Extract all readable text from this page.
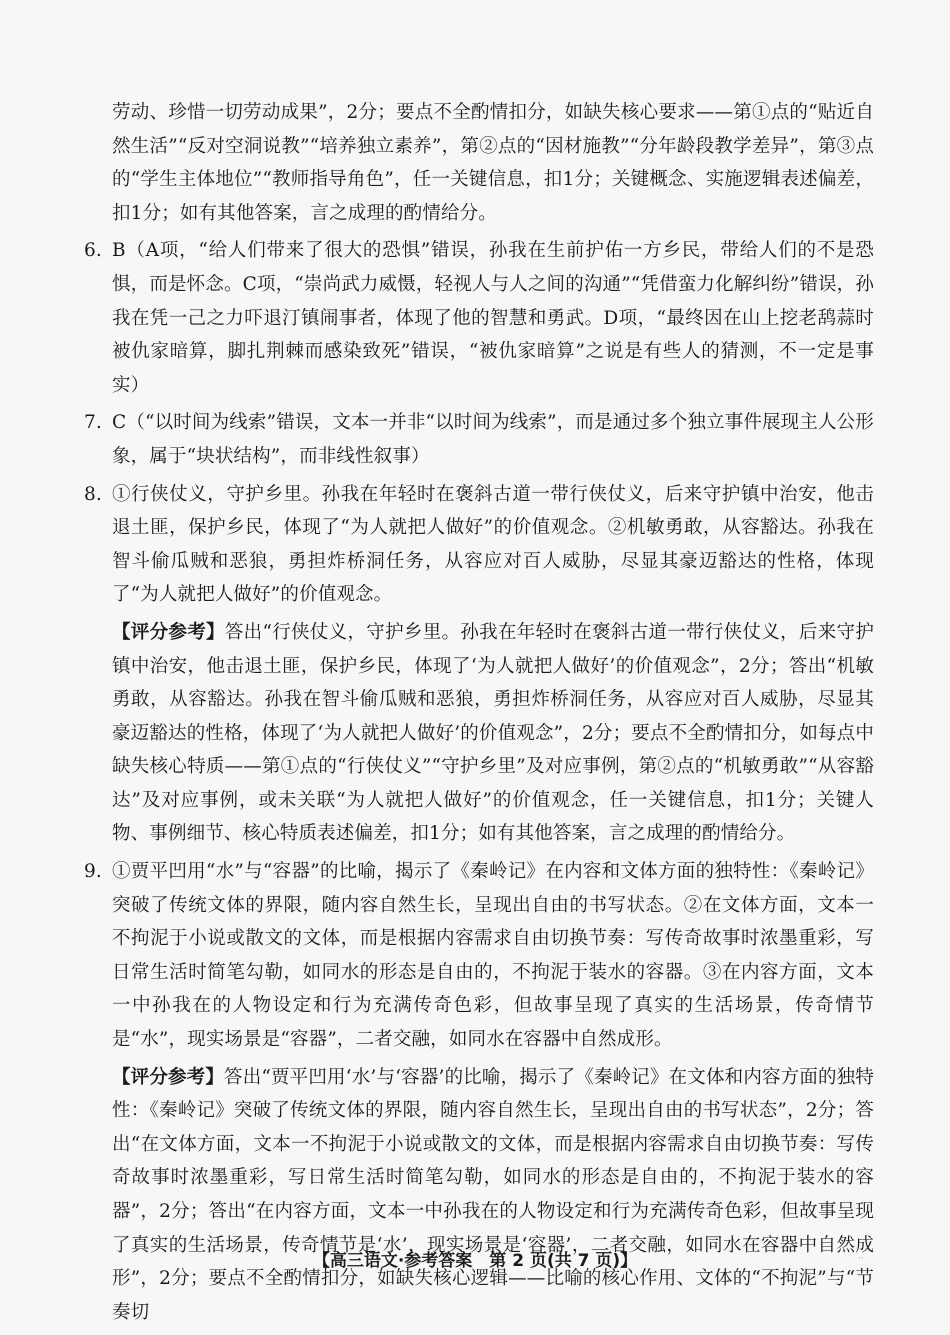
劳动、珍惜一切劳动成果”，2分；要点不全酌情扣分，如缺失核心要求——第①点的“贴近自然生活”“反对空洞说教”“培养独立素养”，第②点的“因材施教”“分年龄段教学差异”，第③点的“学生主体地位”“教师指导角色”，任一关键信息，扣1分；关键概念、实施逻辑表述偏差，扣1分；如有其他答案，言之成理的酌情给分。
6. B（A项，“给人们带来了很大的恐惧”错误，孙我在生前护佑一方乡民，带给人们的不是恐惧，而是怀念。C项，“崇尚武力威慑，轻视人与人之间的沟通”“凭借蛮力化解纠纷”错误，孙我在凭一己之力吓退汀镇闹事者，体现了他的智慧和勇武。D项，“最终因在山上挖老鸹蒜时被仇家暗算，脚扎荆棘而感染致死”错误，“被仇家暗算”之说是有些人的猜测，不一定是事实）
7. C（“以时间为线索”错误，文本一并非“以时间为线索”，而是通过多个独立事件展现主人公形象，属于“块状结构”，而非线性叙事）
8. ①行侠仗义，守护乡里。孙我在年轻时在褒斜古道一带行侠仗义，后来守护镇中治安，他击退土匪，保护乡民，体现了“为人就把人做好”的价值观念。②机敏勇敢，从容豁达。孙我在智斗偷瓜贼和恶狼，勇担炸桥洞任务，从容应对百人威胁，尽显其豪迈豁达的性格，体现了“为人就把人做好”的价值观念。
【评分参考】答出“行侠仗义，守护乡里。孙我在年轻时在褒斜古道一带行侠仗义，后来守护镇中治安，他击退土匪，保护乡民，体现了‘为人就把人做好’的价值观念”，2分；答出“机敏勇敢，从容豁达。孙我在智斗偷瓜贼和恶狼，勇担炸桥洞任务，从容应对百人威胁，尽显其豪迈豁达的性格，体现了‘为人就把人做好’的价值观念”，2分；要点不全酌情扣分，如每点中缺失核心特质——第①点的“行侠仗义”“守护乡里”及对应事例，第②点的“机敏勇敢”“从容豁达”及对应事例，或未关联“为人就把人做好”的价值观念，任一关键信息，扣1分；关键人物、事例细节、核心特质表述偏差，扣1分；如有其他答案，言之成理的酌情给分。
9. ①贾平凹用“水”与“容器”的比喻，揭示了《秦岭记》在内容和文体方面的独特性：《秦岭记》突破了传统文体的界限，随内容自然生长，呈现出自由的书写状态。②在文体方面，文本一不拘泥于小说或散文的文体，而是根据内容需求自由切换节奏：写传奇故事时浓墨重彩，写日常生活时简笔勾勒，如同水的形态是自由的，不拘泥于装水的容器。③在内容方面，文本一中孙我在的人物设定和行为充满传奇色彩，但故事呈现了真实的生活场景，传奇情节是“水”，现实场景是“容器”，二者交融，如同水在容器中自然成形。
【评分参考】答出“贾平凹用‘水’与‘容器’的比喻，揭示了《秦岭记》在文体和内容方面的独特性：《秦岭记》突破了传统文体的界限，随内容自然生长，呈现出自由的书写状态”，2分；答出“在文体方面，文本一不拘泥于小说或散文的文体，而是根据内容需求自由切换节奏：写传奇故事时浓墨重彩，写日常生活时简笔勾勒，如同水的形态是自由的，不拘泥于装水的容器”，2分；答出“在内容方面，文本一中孙我在的人物设定和行为充满传奇色彩，但故事呈现了真实的生活场景，传奇情节是‘水’，现实场景是‘容器’，二者交融，如同水在容器中自然成形”，2分；要点不全酌情扣分，如缺失核心逻辑——比喻的核心作用、文体的“不拘泥”与“节奏切
【高三语文·参考答案　第 2 页(共 7 页)】	··
